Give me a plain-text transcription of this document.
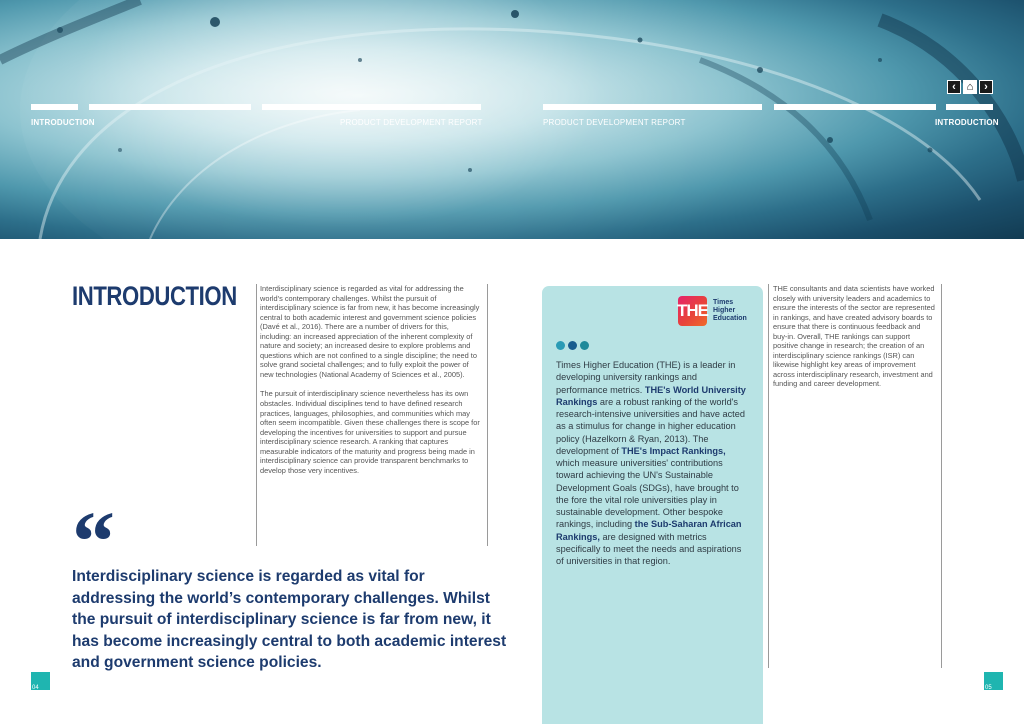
INTRODUCTION	PRODUCT DEVELOPMENT REPORT	PRODUCT DEVELOPMENT REPORT	INTRODUCTION
‹ ⌂ ›
INTRODUCTION	Interdisciplinary science is regarded as vital for addressing the world's contemporary challenges. Whilst the pursuit of interdisciplinary science is far from new, it has become increasingly central to both academic interest and government science policies (Davé et al., 2016). There are a number of drivers for this, including: an increased appreciation of the inherent complexity of nature and society; an increased desire to explore problems and questions which are not confined to a single discipline; the need to solve grand societal challenges; and to fully exploit the power of new technologies (National Academy of Sciences et al., 2005).

The pursuit of interdisciplinary science nevertheless has its own obstacles. Individual disciplines tend to have defined research practices, languages, philosophies, and communities which may often seem incompatible. Given these challenges there is scope for developing the incentives for universities to support and pursue interdisciplinary science research. A ranking that captures measurable indicators of the maturity and progress being made in interdisciplinary science can provide transparent benchmarks to develop those very incentives.

“

Interdisciplinary science is regarded as vital for addressing the world’s contemporary challenges. Whilst the pursuit of interdisciplinary science is far from new, it has become increasingly central to both academic interest and government science policies.

04
THE Times
Higher
Education
Times Higher Education (THE) is a leader in developing university rankings and performance metrics. THE's World University Rankings are a robust ranking of the world's research-intensive universities and have acted as a stimulus for change in higher education policy (Hazelkorn & Ryan, 2013). The development of THE's Impact Rankings, which measure universities' contributions toward achieving the UN's Sustainable Development Goals (SDGs), have brought to the fore the vital role universities play in sustainable development. Other bespoke rankings, including the Sub-Saharan African Rankings, are designed with metrics specifically to meet the needs and aspirations of universities in that region.

THE consultants and data scientists have worked closely with university leaders and academics to ensure the interests of the sector are represented in rankings, and have created advisory boards to ensure that there is continuous feedback and buy-in. Overall, THE rankings can support positive change in research; the creation of an interdisciplinary science rankings (ISR) can likewise highlight key areas of improvement across interdisciplinary research, investment and funding and career development.

05
